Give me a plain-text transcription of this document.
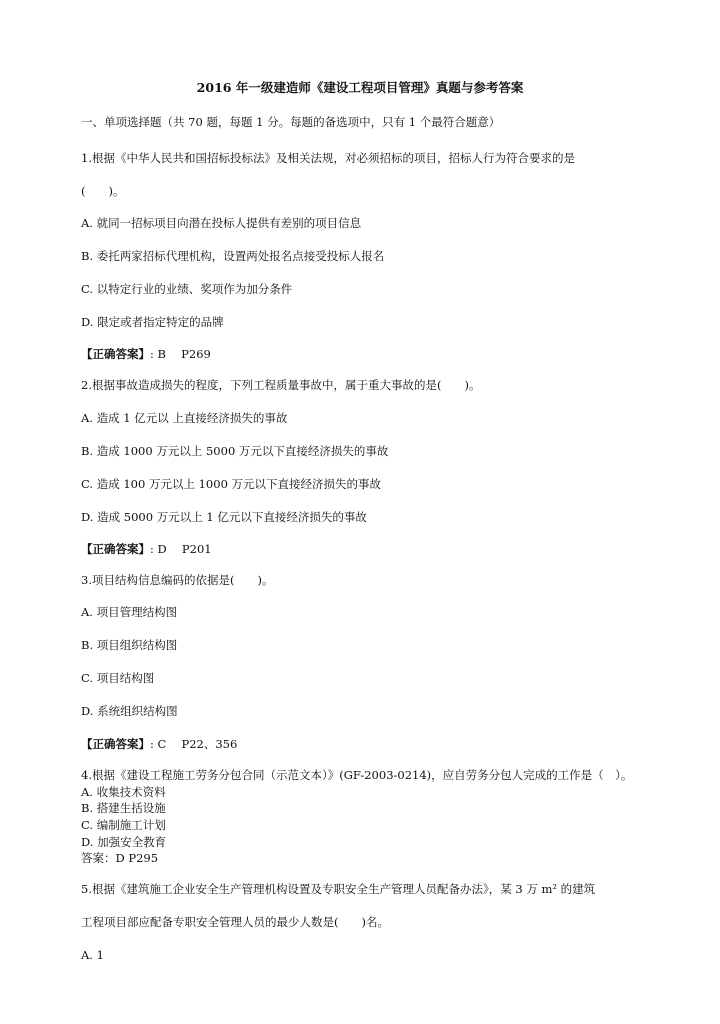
2016 年一级建造师《建设工程项目管理》真题与参考答案
一、单项选择题（共 70 题，每题 1 分。每题的备选项中，只有 1 个最符合题意）
1.根据《中华人民共和国招标投标法》及相关法规，对必须招标的项目，招标人行为符合要求的是
(　　)。
A. 就同一招标项目向潜在投标人提供有差别的项目信息
B. 委托两家招标代理机构，设置两处报名点接受投标人报名
C. 以特定行业的业绩、奖项作为加分条件
D. 限定或者指定特定的品牌
【正确答案】: B　 P269
2.根据事故造成损失的程度，下列工程质量事故中，属于重大事故的是(　　)。
A. 造成 1 亿元以 上直接经济损失的事故
B. 造成 1000 万元以上 5000 万元以下直接经济损失的事故
C. 造成 100 万元以上 1000 万元以下直接经济损失的事故
D. 造成 5000 万元以上 1 亿元以下直接经济损失的事故
【正确答案】: D　 P201
3.项目结构信息编码的依据是(　　)。
A. 项目管理结构图
B. 项目组织结构图
C. 项目结构图
D. 系统组织结构图
【正确答案】: C　 P22、356
4.根据《建设工程施工劳务分包合同（示范文本）》(GF-2003-0214)，应自劳务分包人完成的工作是（　）。
A. 收集技术资料
B. 搭建生括设施
C. 编制施工计划
D. 加强安全教育
答案：D P295
5.根据《建筑施工企业安全生产管理机构设置及专职安全生产管理人员配备办法》，某 3 万 m² 的建筑
工程项目部应配备专职安全管理人员的最少人数是(　　)名。
A. 1
